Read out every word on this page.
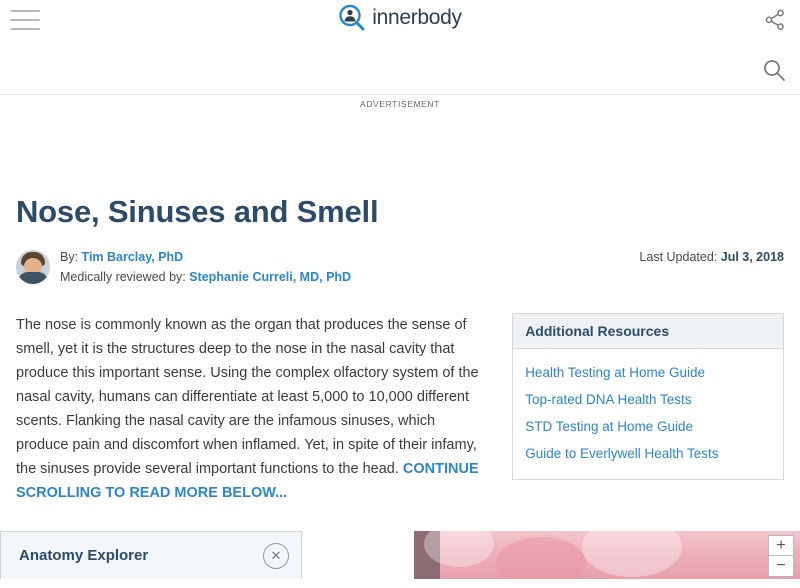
innerbody
ADVERTISEMENT
Nose, Sinuses and Smell
By: Tim Barclay, PhD
Medically reviewed by: Stephanie Curreli, MD, PhD
Last Updated: Jul 3, 2018
The nose is commonly known as the organ that produces the sense of smell, yet it is the structures deep to the nose in the nasal cavity that produce this important sense. Using the complex olfactory system of the nasal cavity, humans can differentiate at least 5,000 to 10,000 different scents. Flanking the nasal cavity are the infamous sinuses, which produce pain and discomfort when inflamed. Yet, in spite of their infamy, the sinuses provide several important functions to the head. CONTINUE SCROLLING TO READ MORE BELOW...
Additional Resources
Health Testing at Home Guide
Top-rated DNA Health Tests
STD Testing at Home Guide
Guide to Everlywell Health Tests
Anatomy Explorer	✕
+
−
